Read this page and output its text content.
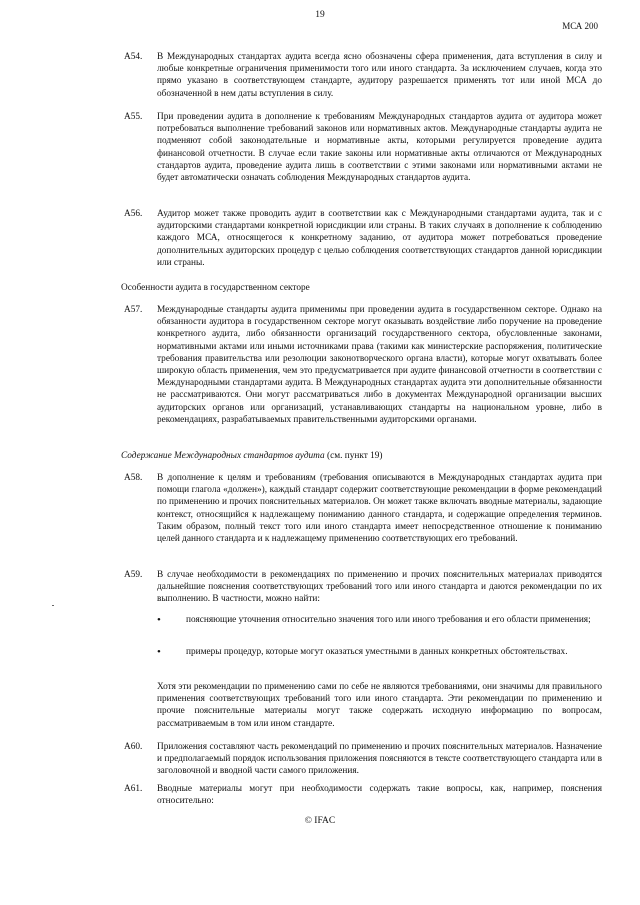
19
МСА 200
A54.	В Международных стандартах аудита всегда ясно обозначены сфера применения, дата вступления в силу и любые конкретные ограничения применимости того или иного стандарта. За исключением случаев, когда это прямо указано в соответствующем стандарте, аудитору разрешается применять тот или иной МСА до обозначенной в нем даты вступления в силу.
A55.	При проведении аудита в дополнение к требованиям Международных стандартов аудита от аудитора может потребоваться выполнение требований законов или нормативных актов. Международные стандарты аудита не подменяют собой законодательные и нормативные акты, которыми регулируется проведение аудита финансовой отчетности. В случае если такие законы или нормативные акты отличаются от Международных стандартов аудита, проведение аудита лишь в соответствии с этими законами или нормативными актами не будет автоматически означать соблюдения Международных стандартов аудита.
A56.	Аудитор может также проводить аудит в соответствии как с Международными стандартами аудита, так и с аудиторскими стандартами конкретной юрисдикции или страны. В таких случаях в дополнение к соблюдению каждого МСА, относящегося к конкретному заданию, от аудитора может потребоваться проведение дополнительных аудиторских процедур с целью соблюдения соответствующих стандартов данной юрисдикции или страны.
Особенности аудита в государственном секторе
A57.	Международные стандарты аудита применимы при проведении аудита в государственном секторе. Однако на обязанности аудитора в государственном секторе могут оказывать воздействие либо поручение на проведение конкретного аудита, либо обязанности организаций государственного сектора, обусловленные законами, нормативными актами или иными источниками права (такими как министерские распоряжения, политические требования правительства или резолюции законотворческого органа власти), которые могут охватывать более широкую область применения, чем это предусматривается при аудите финансовой отчетности в соответствии с Международными стандартами аудита. В Международных стандартах аудита эти дополнительные обязанности не рассматриваются. Они могут рассматриваться либо в документах Международной организации высших аудиторских органов или организаций, устанавливающих стандарты на национальном уровне, либо в рекомендациях, разрабатываемых правительственными аудиторскими органами.
Содержание Международных стандартов аудита (см. пункт 19)
A58.	В дополнение к целям и требованиям (требования описываются в Международных стандартах аудита при помощи глагола «должен»), каждый стандарт содержит соответствующие рекомендации в форме рекомендаций по применению и прочих пояснительных материалов. Он может также включать вводные материалы, задающие контекст, относящийся к надлежащему пониманию данного стандарта, и содержащие определения терминов. Таким образом, полный текст того или иного стандарта имеет непосредственное отношение к пониманию целей данного стандарта и к надлежащему применению соответствующих его требований.
A59.	В случае необходимости в рекомендациях по применению и прочих пояснительных материалах приводятся дальнейшие пояснения соответствующих требований того или иного стандарта и даются рекомендации по их выполнению. В частности, можно найти:
•	поясняющие уточнения относительно значения того или иного требования и его области применения;
•	примеры процедур, которые могут оказаться уместными в данных конкретных обстоятельствах.
Хотя эти рекомендации по применению сами по себе не являются требованиями, они значимы для правильного применения соответствующих требований того или иного стандарта. Эти рекомендации по применению и прочие пояснительные материалы могут также содержать исходную информацию по вопросам, рассматриваемым в том или ином стандарте.
A60.	Приложения составляют часть рекомендаций по применению и прочих пояснительных материалов. Назначение и предполагаемый порядок использования приложения поясняются в тексте соответствующего стандарта или в заголовочной и вводной части самого приложения.
A61.	Вводные материалы могут при необходимости содержать такие вопросы, как, например, пояснения относительно:
© IFAC
